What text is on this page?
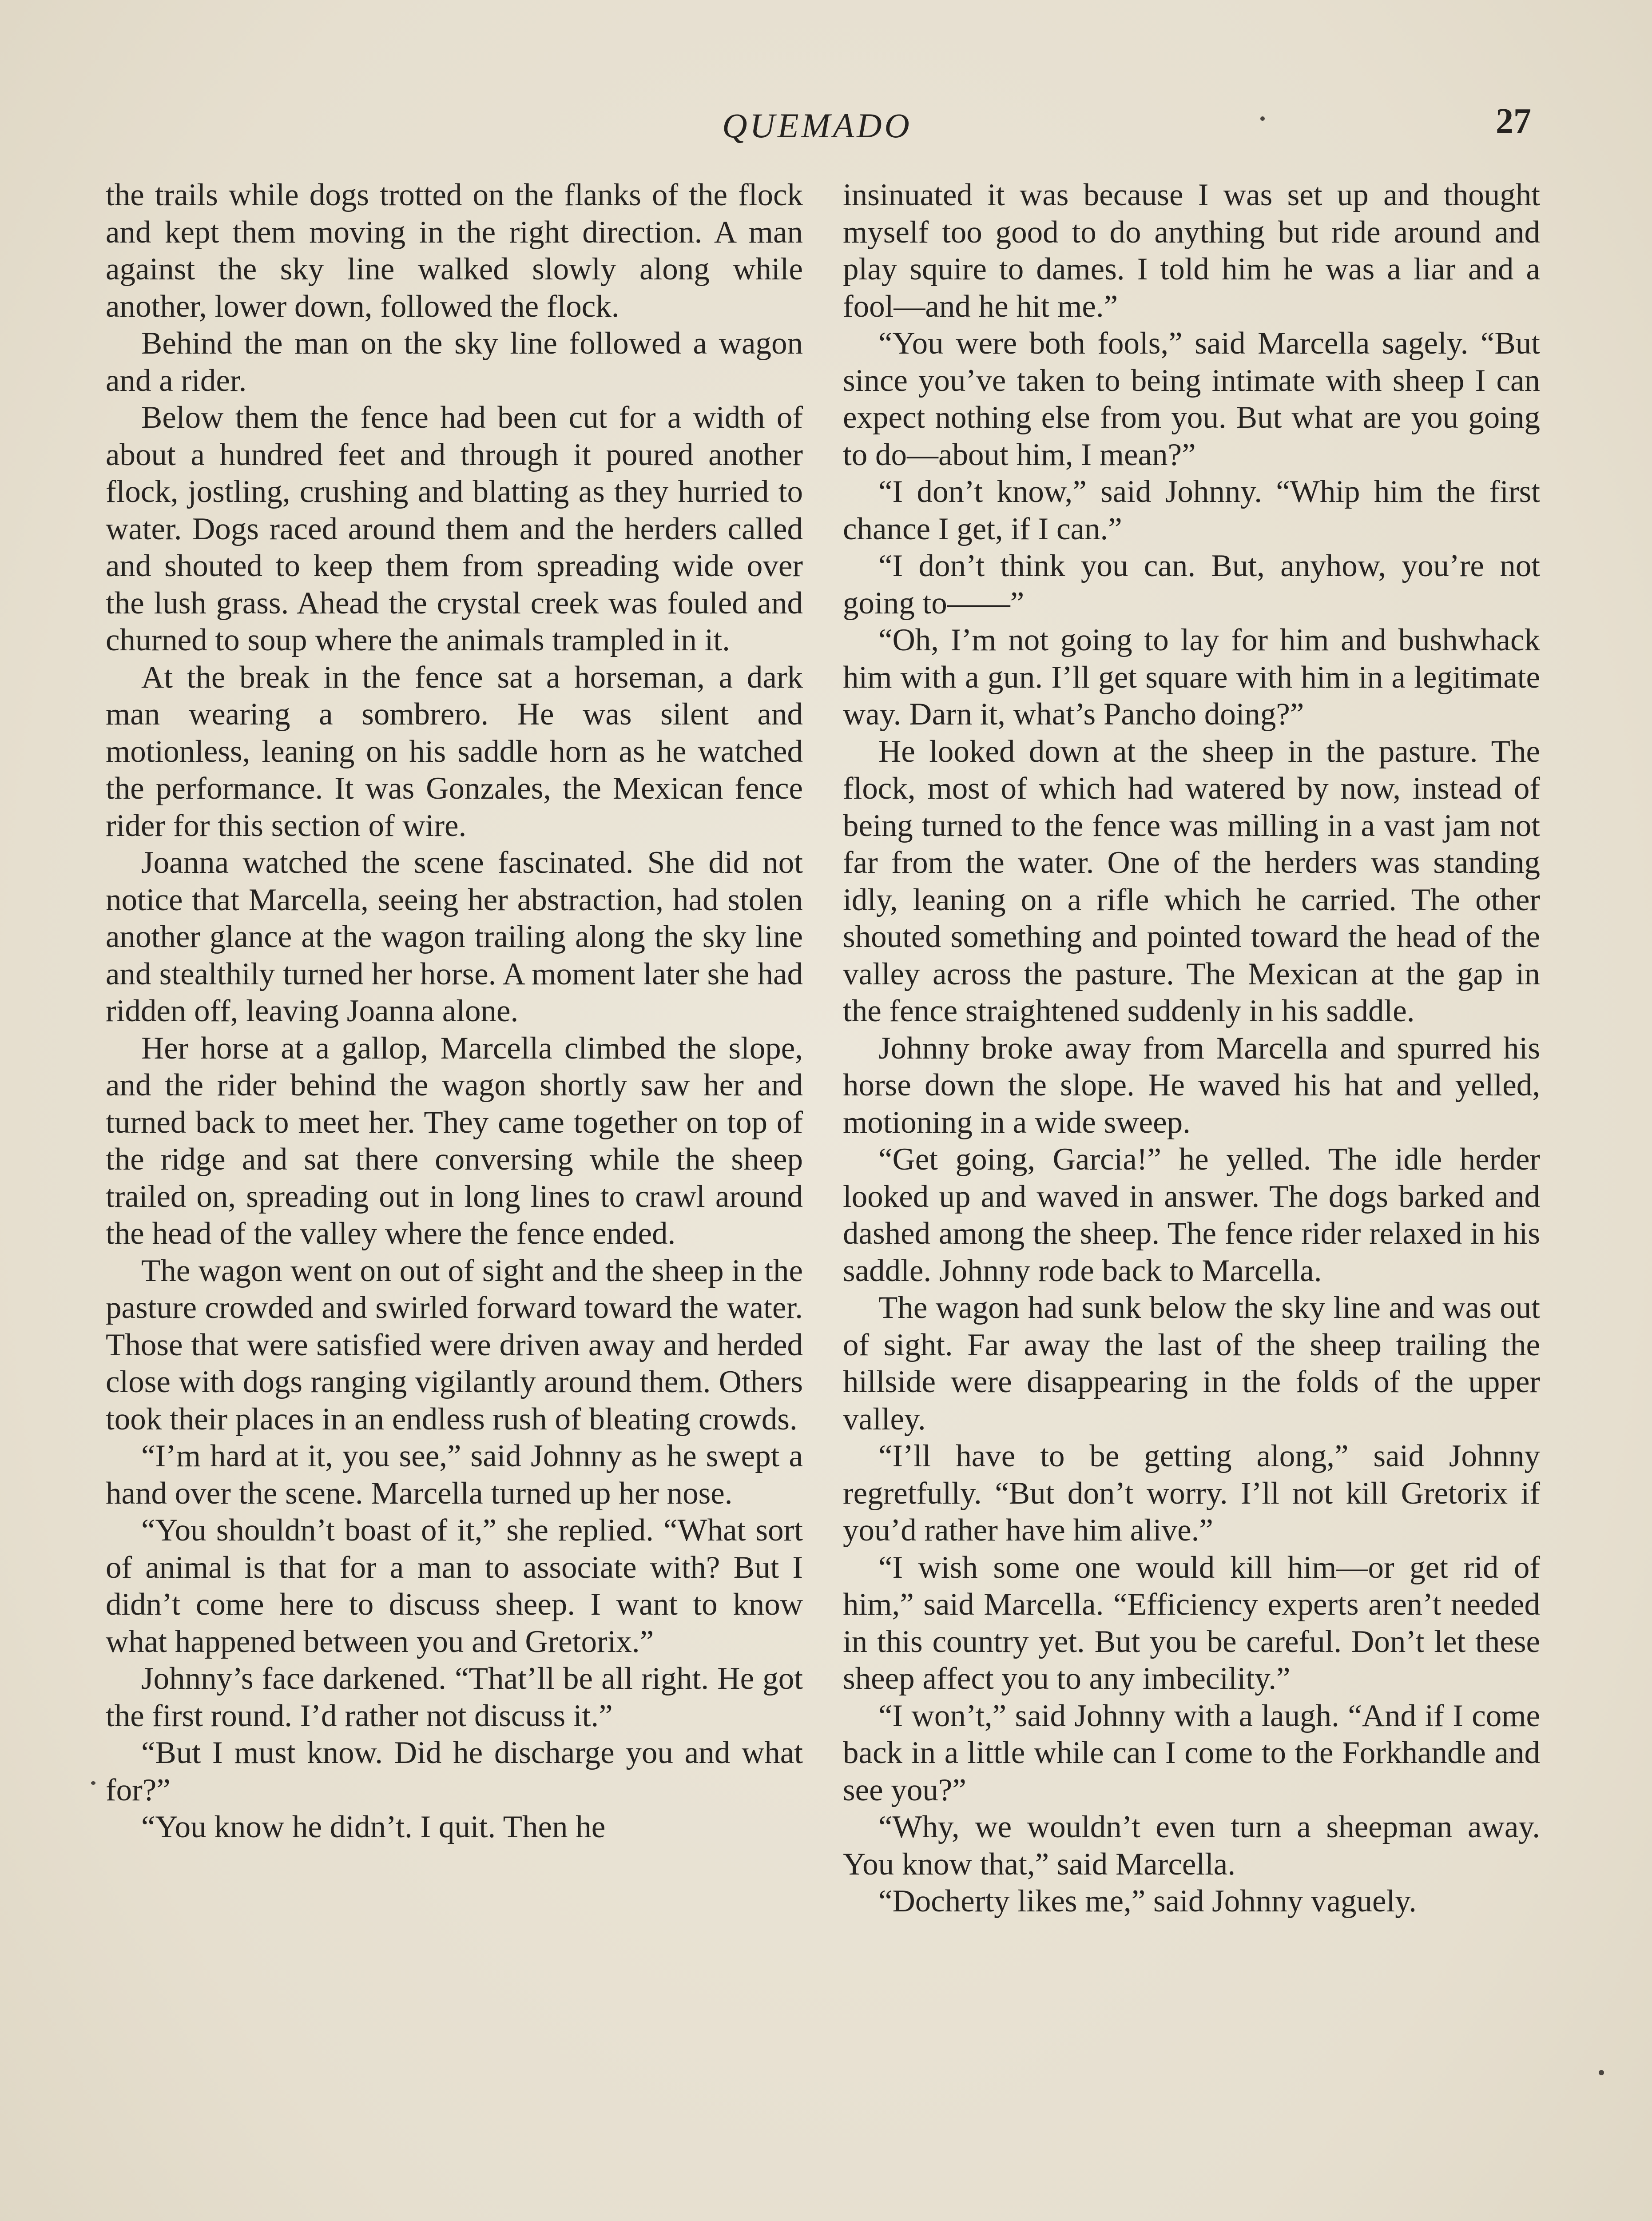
QUEMADO	27

the trails while dogs trotted on the flanks of the flock and kept them moving in the right direction. A man against the sky line walked slowly along while another, lower down, followed the flock.

Behind the man on the sky line followed a wagon and a rider.

Below them the fence had been cut for a width of about a hundred feet and through it poured another flock, jostling, crushing and blatting as they hurried to water. Dogs raced around them and the herders called and shouted to keep them from spreading wide over the lush grass. Ahead the crystal creek was fouled and churned to soup where the animals trampled in it.

At the break in the fence sat a horseman, a dark man wearing a sombrero. He was silent and motionless, leaning on his saddle horn as he watched the performance. It was Gonzales, the Mexican fence rider for this section of wire.

Joanna watched the scene fascinated. She did not notice that Marcella, seeing her abstraction, had stolen another glance at the wagon trailing along the sky line and stealthily turned her horse. A moment later she had ridden off, leaving Joanna alone.

Her horse at a gallop, Marcella climbed the slope, and the rider behind the wagon shortly saw her and turned back to meet her. They came together on top of the ridge and sat there conversing while the sheep trailed on, spreading out in long lines to crawl around the head of the valley where the fence ended.

The wagon went on out of sight and the sheep in the pasture crowded and swirled forward toward the water. Those that were satisfied were driven away and herded close with dogs ranging vigilantly around them. Others took their places in an endless rush of bleating crowds.

“I’m hard at it, you see,” said Johnny as he swept a hand over the scene. Marcella turned up her nose.

“You shouldn’t boast of it,” she replied. “What sort of animal is that for a man to associate with? But I didn’t come here to discuss sheep. I want to know what happened between you and Gretorix.”

Johnny’s face darkened. “That’ll be all right. He got the first round. I’d rather not discuss it.”

“But I must know. Did he discharge you and what for?”

“You know he didn’t. I quit. Then he

insinuated it was because I was set up and thought myself too good to do anything but ride around and play squire to dames. I told him he was a liar and a fool—and he hit me.”

“You were both fools,” said Marcella sagely. “But since you’ve taken to being intimate with sheep I can expect nothing else from you. But what are you going to do—about him, I mean?”

“I don’t know,” said Johnny. “Whip him the first chance I get, if I can.”

“I don’t think you can. But, anyhow, you’re not going to——”

“Oh, I’m not going to lay for him and bushwhack him with a gun. I’ll get square with him in a legitimate way. Darn it, what’s Pancho doing?”

He looked down at the sheep in the pasture. The flock, most of which had watered by now, instead of being turned to the fence was milling in a vast jam not far from the water. One of the herders was standing idly, leaning on a rifle which he carried. The other shouted something and pointed toward the head of the valley across the pasture. The Mexican at the gap in the fence straightened suddenly in his saddle.

Johnny broke away from Marcella and spurred his horse down the slope. He waved his hat and yelled, motioning in a wide sweep.

“Get going, Garcia!” he yelled. The idle herder looked up and waved in answer. The dogs barked and dashed among the sheep. The fence rider relaxed in his saddle. Johnny rode back to Marcella.

The wagon had sunk below the sky line and was out of sight. Far away the last of the sheep trailing the hillside were disappearing in the folds of the upper valley.

“I’ll have to be getting along,” said Johnny regretfully. “But don’t worry. I’ll not kill Gretorix if you’d rather have him alive.”

“I wish some one would kill him—or get rid of him,” said Marcella. “Efficiency experts aren’t needed in this country yet. But you be careful. Don’t let these sheep affect you to any imbecility.”

“I won’t,” said Johnny with a laugh. “And if I come back in a little while can I come to the Forkhandle and see you?”

“Why, we wouldn’t even turn a sheepman away. You know that,” said Marcella.

“Docherty likes me,” said Johnny vaguely.
